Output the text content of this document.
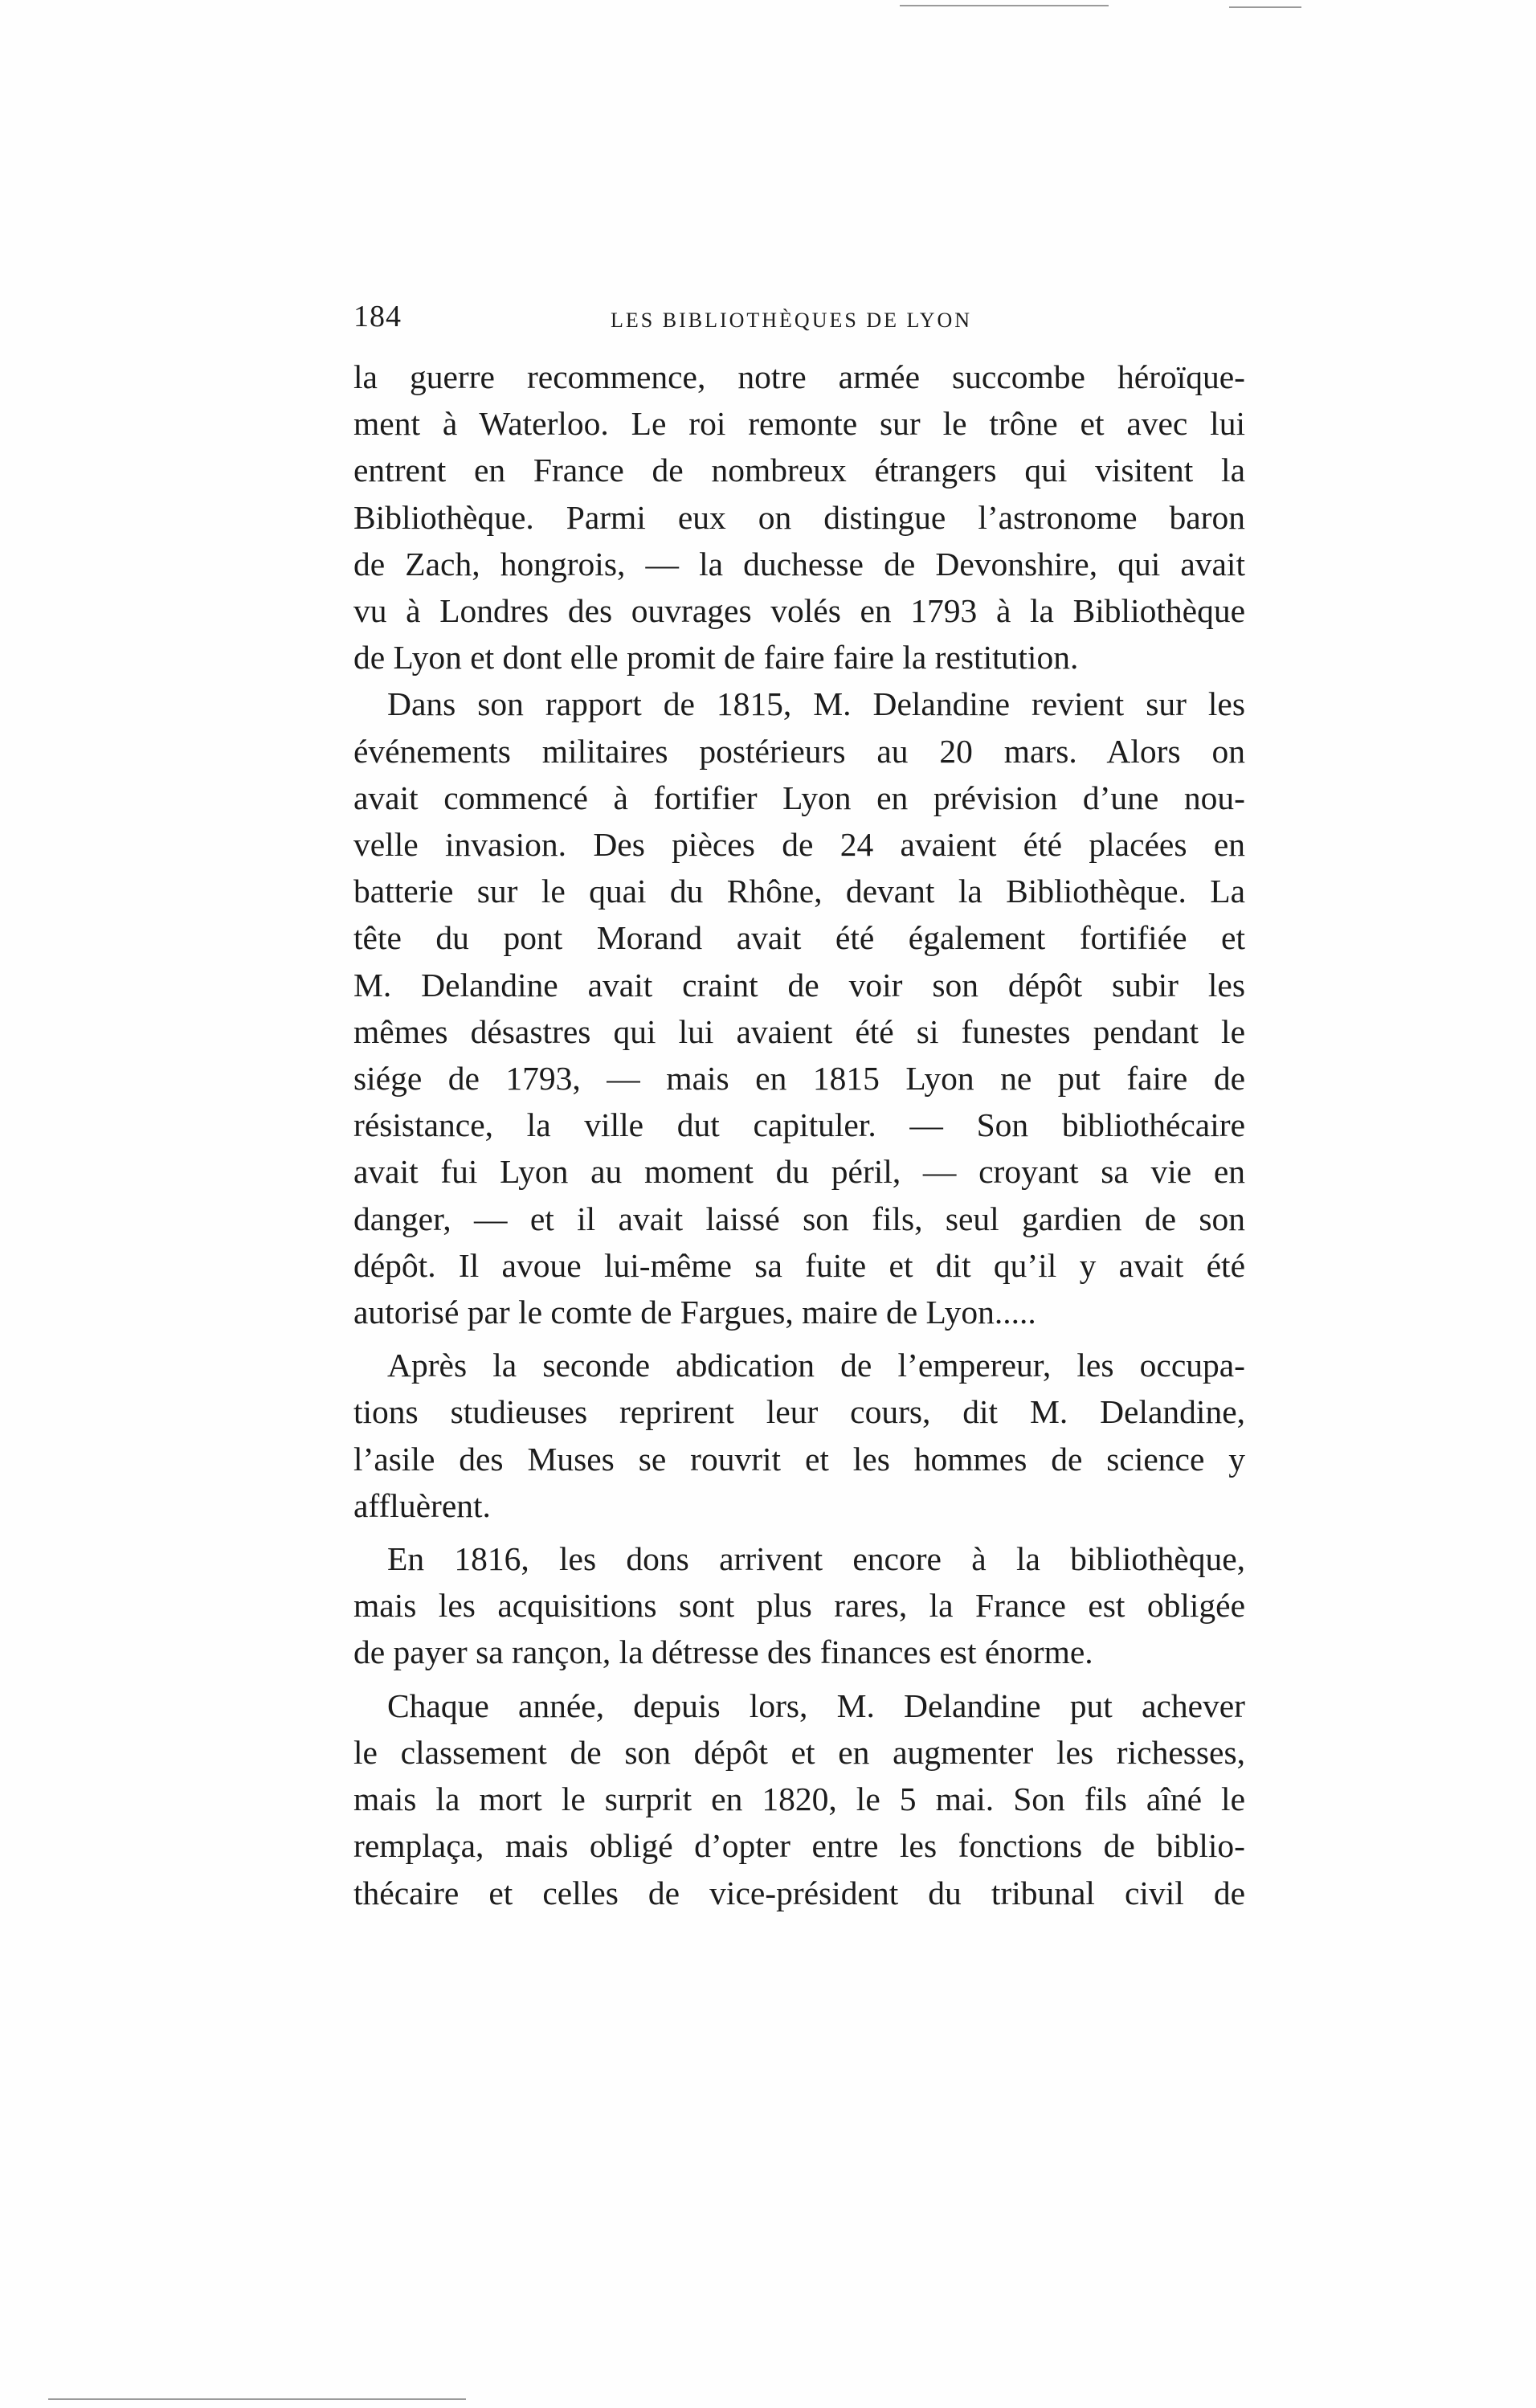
184	LES BIBLIOTHÈQUES DE LYON

la guerre recommence, notre armée succombe héroïque-
ment à Waterloo. Le roi remonte sur le trône et avec lui
entrent en France de nombreux étrangers qui visitent la
Bibliothèque. Parmi eux on distingue l’astronome baron
de Zach, hongrois, — la duchesse de Devonshire, qui avait
vu à Londres des ouvrages volés en 1793 à la Bibliothèque
de Lyon et dont elle promit de faire faire la restitution.

Dans son rapport de 1815, M. Delandine revient sur les
événements militaires postérieurs au 20 mars. Alors on
avait commencé à fortifier Lyon en prévision d’une nou-
velle invasion. Des pièces de 24 avaient été placées en
batterie sur le quai du Rhône, devant la Bibliothèque. La
tête du pont Morand avait été également fortifiée et
M. Delandine avait craint de voir son dépôt subir les
mêmes désastres qui lui avaient été si funestes pendant le
siége de 1793, — mais en 1815 Lyon ne put faire de
résistance, la ville dut capituler. — Son bibliothécaire
avait fui Lyon au moment du péril, — croyant sa vie en
danger, — et il avait laissé son fils, seul gardien de son
dépôt. Il avoue lui-même sa fuite et dit qu’il y avait été
autorisé par le comte de Fargues, maire de Lyon.....

Après la seconde abdication de l’empereur, les occupa-
tions studieuses reprirent leur cours, dit M. Delandine,
l’asile des Muses se rouvrit et les hommes de science y
affluèrent.

En 1816, les dons arrivent encore à la bibliothèque,
mais les acquisitions sont plus rares, la France est obligée
de payer sa rançon, la détresse des finances est énorme.

Chaque année, depuis lors, M. Delandine put achever
le classement de son dépôt et en augmenter les richesses,
mais la mort le surprit en 1820, le 5 mai. Son fils aîné le
remplaça, mais obligé d’opter entre les fonctions de biblio-
thécaire et celles de vice-président du tribunal civil de
